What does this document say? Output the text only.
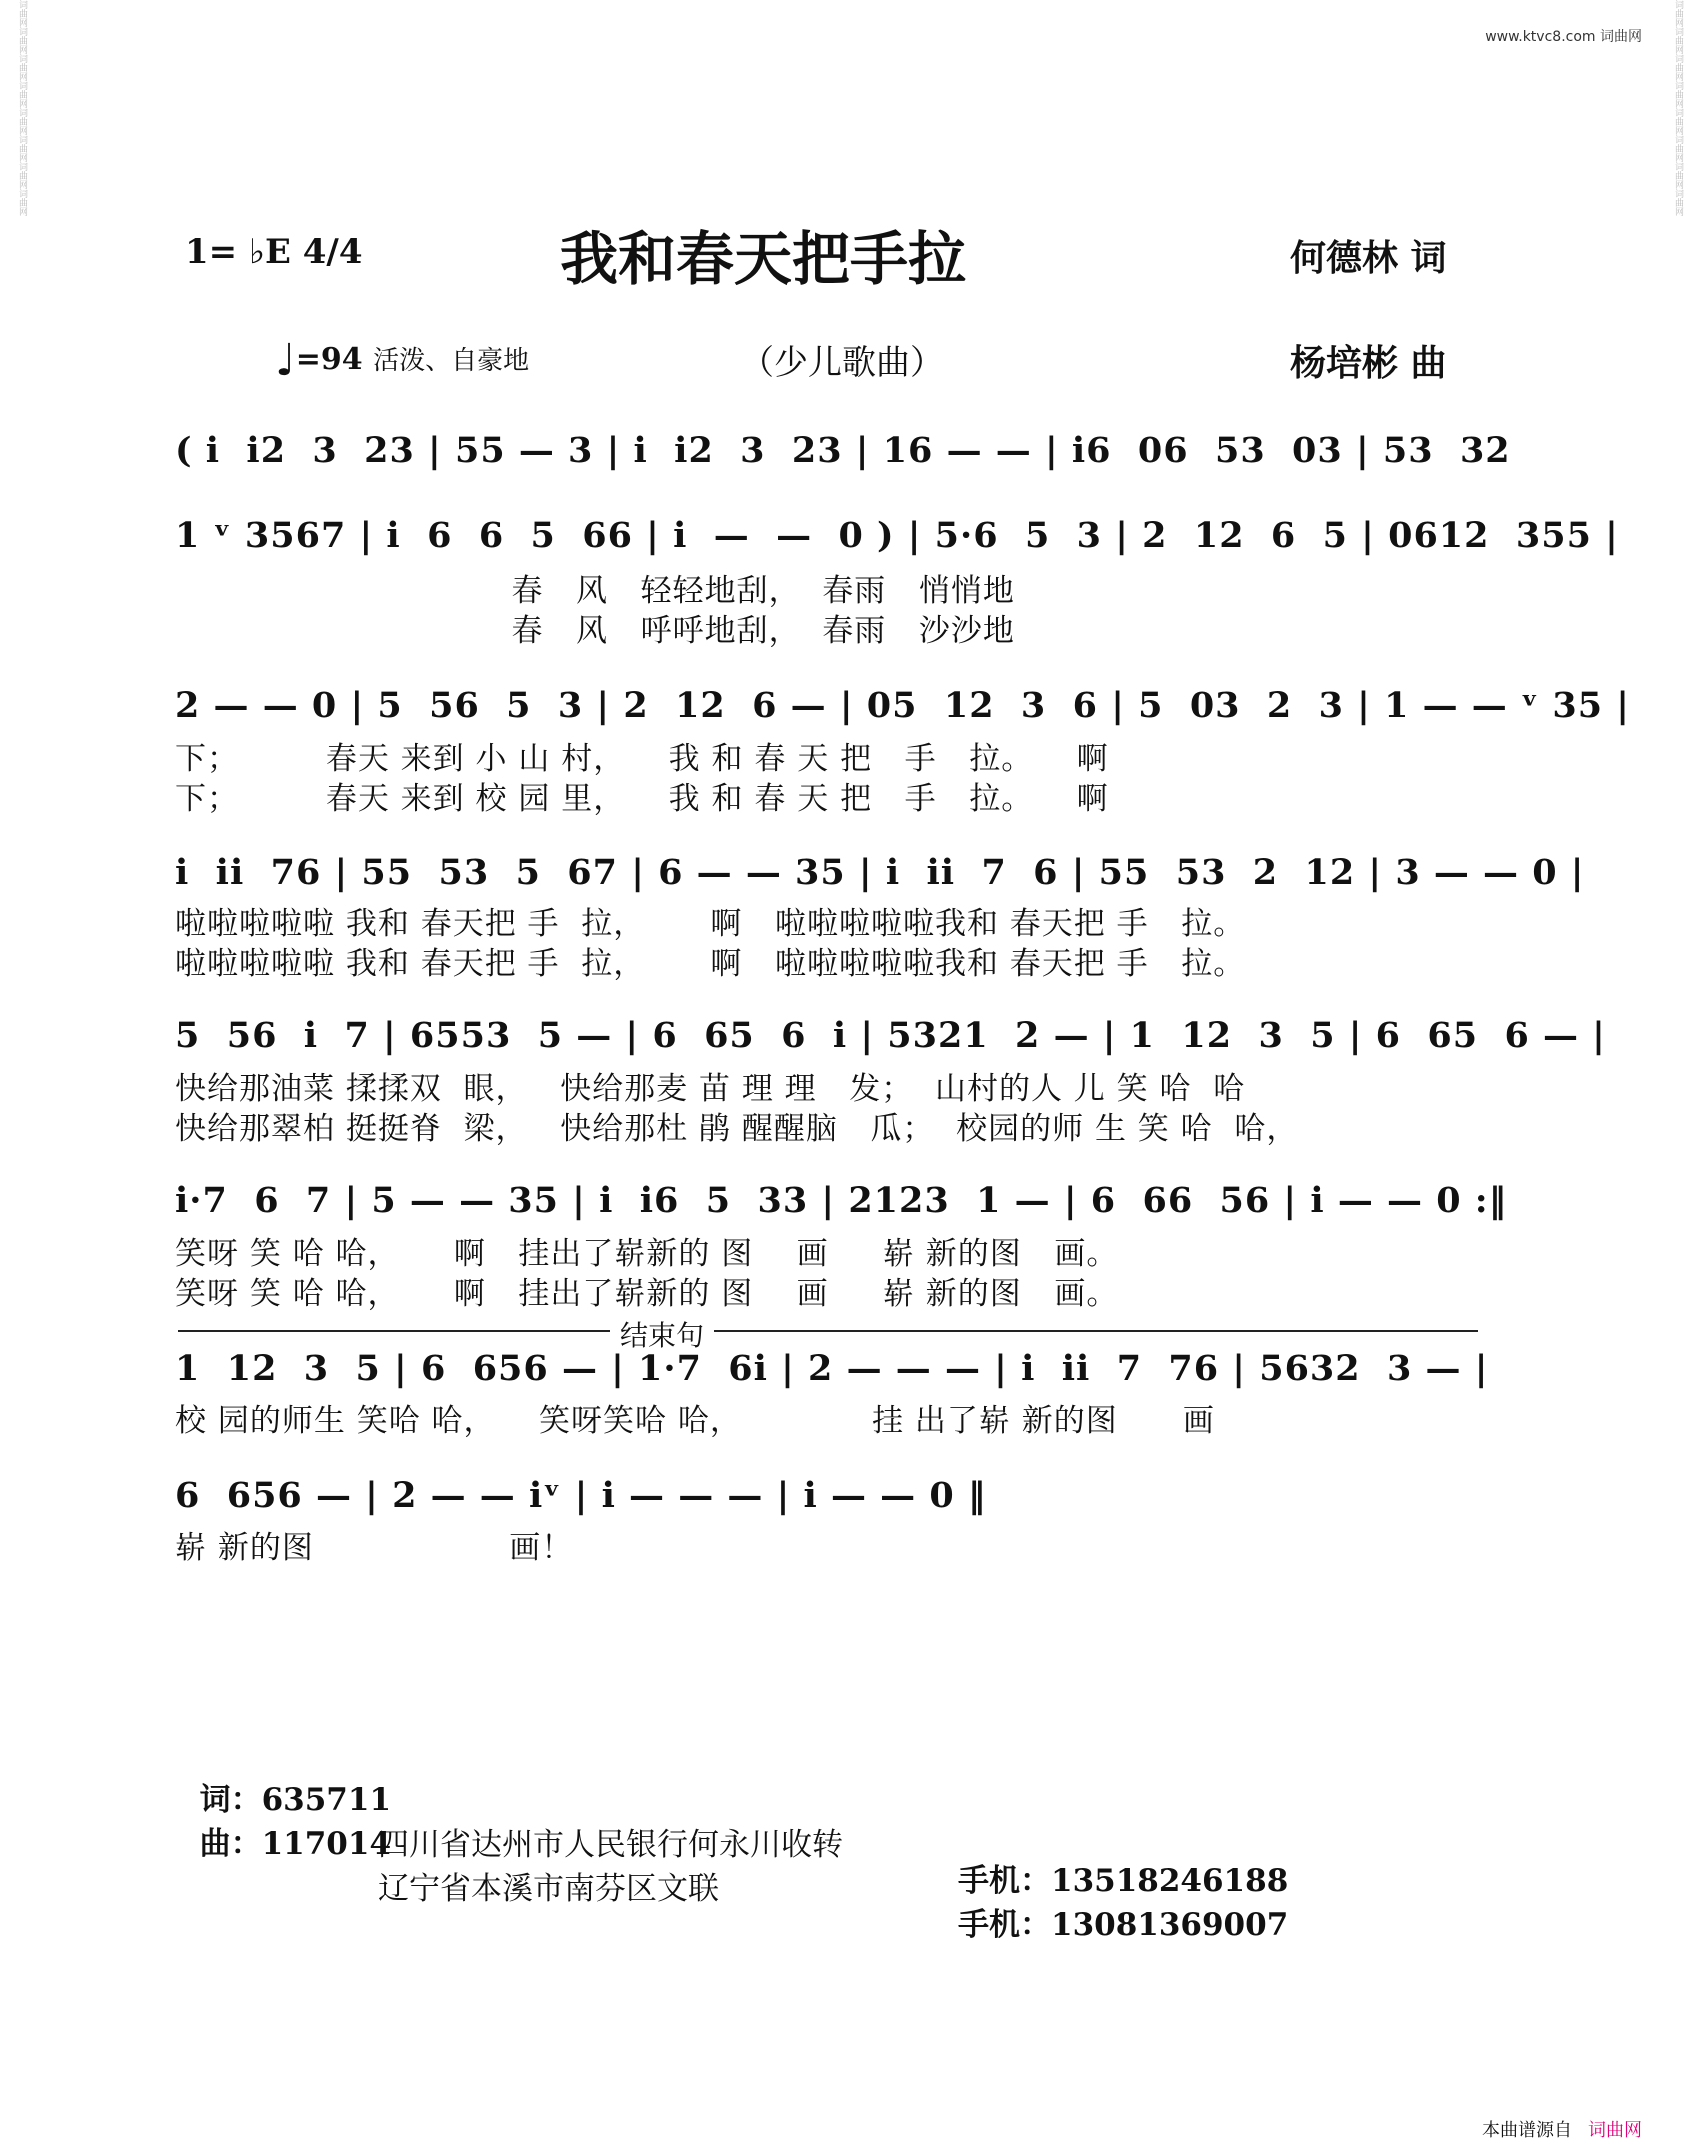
词曲网
词曲网
词曲网
词曲网
词曲网
词曲网
词曲网
词曲网
词曲网
词曲网
词曲网
词曲网
词曲网
词曲网
词曲网
词曲网
www.ktvc8.com 词曲网
1= ♭E 4/4	我和春天把手拉	何德林 词
♩=94 活泼、自豪地	（少儿歌曲）	杨培彬 曲
( i  i2  3  23 | 55 — 3 | i  i2  3  23 | 16 — — | i6  06  53  03 | 53  32
1 ᵛ 3567 | i  6  6  5  66 | i  —  —  0 ) | 5·6  5  3 | 2  12  6  5 | 0612  355 |
春   风   轻轻地刮，  春雨   悄悄地
春   风   呼呼地刮，  春雨   沙沙地
2 — — 0 | 5  56  5  3 | 2  12  6 — | 05  12  3  6 | 5  03  2  3 | 1 — — ᵛ 35 |
下；        春天 来到 小 山 村，    我 和 春 天 把   手   拉。    啊
下；        春天 来到 校 园 里，    我 和 春 天 把   手   拉。    啊
i  ii  76 | 55  53  5  67 | 6 — — 35 | i  ii  7  6 | 55  53  2  12 | 3 — — 0 |
啦啦啦啦啦 我和 春天把 手  拉，      啊   啦啦啦啦啦我和 春天把 手   拉。
啦啦啦啦啦 我和 春天把 手  拉，      啊   啦啦啦啦啦我和 春天把 手   拉。
5  56  i  7 | 6553  5 — | 6  65  6  i | 5321  2 — | 1  12  3  5 | 6  65  6 — |
快给那油菜 揉揉双  眼，   快给那麦 苗 理 理   发；  山村的人 儿 笑 哈  哈
快给那翠柏 挺挺脊  梁，   快给那杜 鹃 醒醒脑   瓜；  校园的师 生 笑 哈  哈，
i·7  6  7 | 5 — — 35 | i  i6  5  33 | 2123  1 — | 6  66  56 | i — — 0 :‖
笑呀 笑 哈 哈，     啊   挂出了崭新的 图    画     崭 新的图   画。
笑呀 笑 哈 哈，     啊   挂出了崭新的 图    画     崭 新的图   画。
结束句
1  12  3  5 | 6  656 — | 1·7  6i | 2 — — — | i  ii  7  76 | 5632  3 — |
校 园的师生 笑哈 哈，    笑呀笑哈 哈，            挂 出了崭 新的图      画
6  656 — | 2 — — iᵛ | i — — — | i — — 0 ‖
崭 新的图                  画！

词：635711

四川省达州市人民银行何永川收转

手机：13518246188

曲：117014

辽宁省本溪市南芬区文联

手机：13081369007

本曲谱源自 词曲网
